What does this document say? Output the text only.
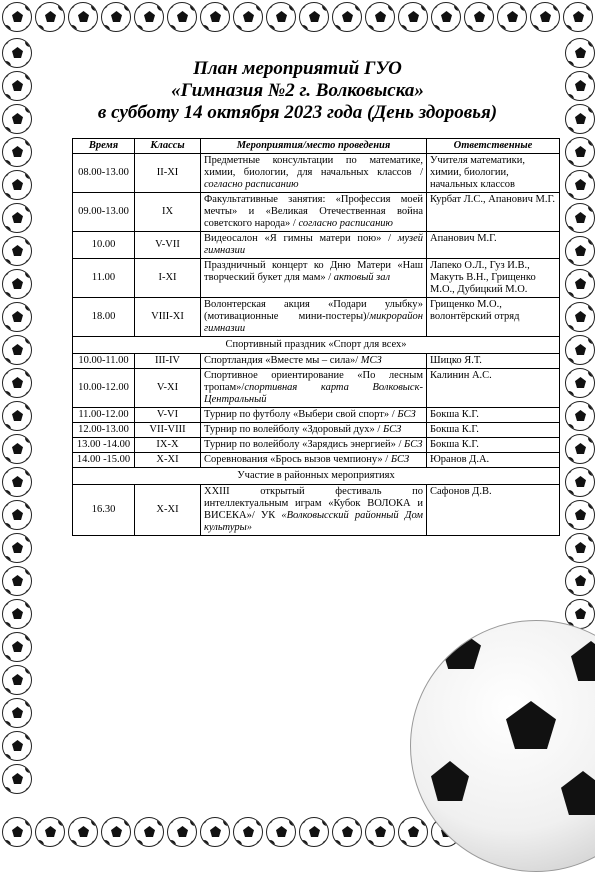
План мероприятий ГУО
«Гимназия №2 г. Волковыска»
в субботу 14 октября 2023 года (День здоровья)
Время	Классы	Мероприятия/место проведения	Ответственные
08.00-13.00	II-XI	Предметные консультации по математике, химии, биологии, для начальных классов / согласно расписанию	Учителя математики, химии, биологии, начальных классов
09.00-13.00	IX	Факультативные занятия: «Профессия моей мечты» и «Великая Отечественная война советского народа» / согласно расписанию	Курбат Л.С., Апанович М.Г.
10.00	V-VII	Видеосалон «Я гимны матери пою» / музей гимназии	Апанович М.Г.
11.00	I-XI	Праздничный концерт ко Дню Матери «Наш творческий букет для мам» / актовый зал	Лапеко О.Л., Гуз И.В., Макуть В.Н., Грищенко М.О., Дубицкий М.О.
18.00	VIII-XI	Волонтерская акция «Подари улыбку» (мотивационные мини-постеры)/микрорайон гимназии	Грищенко М.О., волонтёрский отряд
Спортивный праздник «Спорт для всех»			
10.00-11.00	III-IV	Спортландия «Вместе мы – сила»/ МСЗ	Шицко Я.Т.
10.00-12.00	V-XI	Спортивное ориентирование «По лесным тропам»/спортивная карта Волковыск-Центральный	Калинин А.С.
11.00-12.00	V-VI	Турнир по футболу «Выбери свой спорт» / БСЗ	Бокша К.Г.
12.00-13.00	VII-VIII	Турнир по волейболу «Здоровый дух» / БСЗ	Бокша К.Г.
13.00 -14.00	IX-X	Турнир по волейболу «Зарядись энергией» / БСЗ	Бокша К.Г.
14.00 -15.00	X-XI	Соревнования «Брось вызов чемпиону» / БСЗ	Юранов Д.А.
Участие в районных мероприятиях			
16.30	X-XI	XXIII открытый фестиваль по интеллектуальным играм «Кубок ВОЛОКА и ВИСЕКА»/ УК «Волковысский районный Дом культуры»	Сафонов Д.В.
